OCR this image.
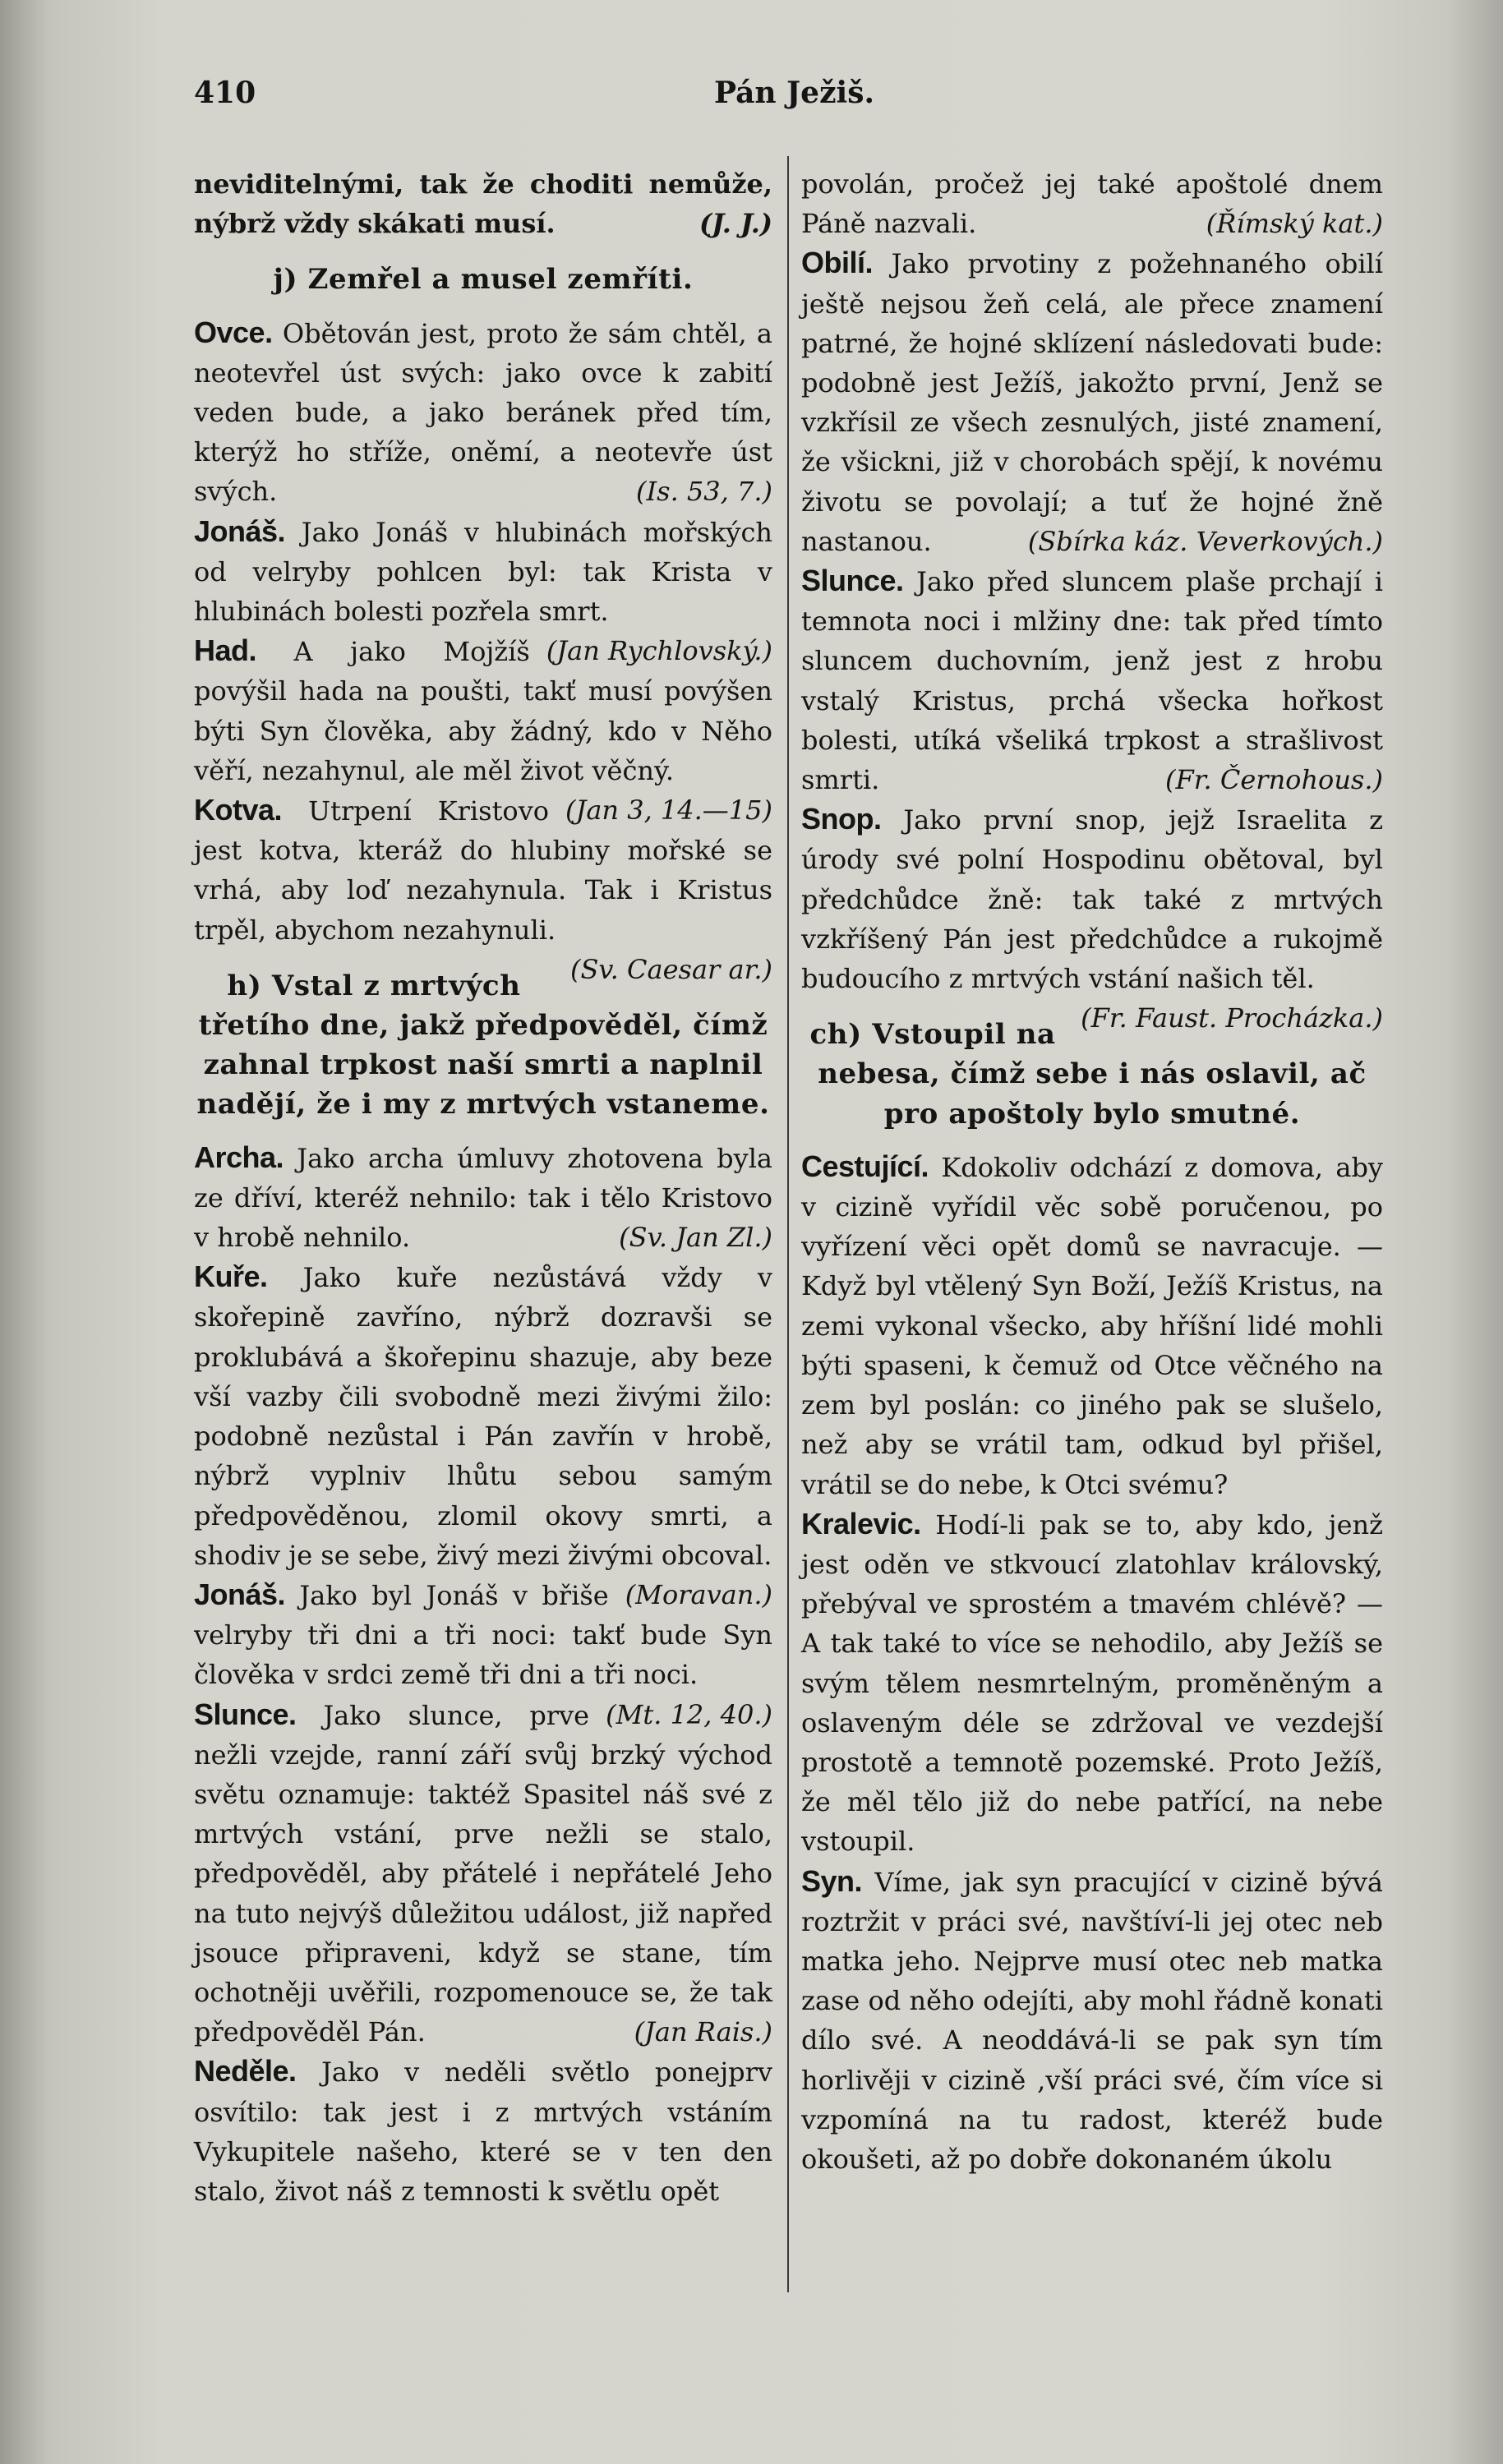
410	Pán Ježiš.

neviditelnými, tak že choditi nemůže, nýbrž vždy skákati musí.	(J. J.)

j) Zemřel a musel zemříti.

Ovce. Obětován jest, proto že sám chtěl, a neotevřel úst svých: jako ovce k zabití veden bude, a jako beránek před tím, kterýž ho stříže, oněmí, a neotevře úst svých.	(Is. 53, 7.)

Jonáš. Jako Jonáš v hlubinách mořských od velryby pohlcen byl: tak Krista v hlubinách bolesti pozřela smrt.
(Jan Rychlovský.)

Had. A jako Mojžíš povýšil hada na poušti, takť musí povýšen býti Syn člověka, aby žádný, kdo v Něho věří, nezahynul, ale měl život věčný.
(Jan 3, 14.—15)

Kotva. Utrpení Kristovo jest kotva, kteráž do hlubiny mořské se vrhá, aby loď nezahynula. Tak i Kristus trpěl, abychom nezahynuli.
(Sv. Caesar ar.)

h) Vstal z mrtvých třetího dne, jakž předpověděl, čímž zahnal trpkost naší smrti a naplnil nadějí, že i my z mrtvých vstaneme.

Archa. Jako archa úmluvy zhotovena byla ze dříví, kteréž nehnilo: tak i tělo Kristovo v hrobě nehnilo.	(Sv. Jan Zl.)

Kuře. Jako kuře nezůstává vždy v skořepině zavřínо, nýbrž dozravši se proklubává a škořepinu shazuje, aby beze vší vazby čili svobodně mezi živými žilo: podobně nezůstal i Pán zavřín v hrobě, nýbrž vyplniv lhůtu sebou samým předpověděnou, zlomil okovy smrti, a shodiv je se sebe, živý mezi živými obcoval.
(Moravan.)

Jonáš. Jako byl Jonáš v břiše velryby tři dni a tři noci: takť bude Syn člověka v srdci země tři dni a tři noci.
(Mt. 12, 40.)

Slunce. Jako slunce, prve nežli vzejde, ranní září svůj brzký východ světu oznamuje: taktéž Spasitel náš své z mrtvých vstání, prve nežli se stalo, předpověděl, aby přátelé i nepřátelé Jeho na tuto nejvýš důležitou událost, již napřed jsouce připraveni, když se stane, tím ochotněji uvěřili, rozpomenouce se, že tak předpověděl Pán.	(Jan Rais.)

Neděle. Jako v neděli světlo ponejprv osvítilo: tak jest i z mrtvých vstáním Vykupitele našeho, které se v ten den stalo, život náš z temnosti k světlu opět

povolán, pročež jej také apoštolé dnem Páně nazvali.	(Římský kat.)

Obilí. Jako prvotiny z požehnaného obilí ještě nejsou žeň celá, ale přece znamení patrné, že hojné sklízení následovati bude: podobně jest Ježíš, jakožto první, Jenž se vzkřísil ze všech zesnulých, jisté znamení, že všickni, již v chorobách spějí, k novému životu se povolají; a tuť že hojné žně nastanou.	(Sbírka káz. Veverkových.)

Slunce. Jako před sluncem plaše prchají i temnota noci i mlžiny dne: tak před tímto sluncem duchovním, jenž jest z hrobu vstalý Kristus, prchá všecka hořkost bolesti, utíká všeliká trpkost a strašlivost smrti.	(Fr. Černohous.)

Snop. Jako první snop, jejž Israelita z úrody své polní Hospodinu obětoval, byl předchůdce žně: tak také z mrtvých vzkříšený Pán jest předchůdce a rukojmě budoucího z mrtvých vstání našich těl.
(Fr. Faust. Procházka.)

ch) Vstoupil na nebesa, čímž sebe i nás oslavil, ač pro apoštoly bylo smutné.

Cestující. Kdokoliv odchází z domova, aby v cizině vyřídil věc sobě poručenou, po vyřízení věci opět domů se navracuje. — Když byl vtělený Syn Boží, Ježíš Kristus, na zemi vykonal všecko, aby hříšní lidé mohli býti spaseni, k čemuž od Otce věčného na zem byl poslán: co jiného pak se slušelo, než aby se vrátil tam, odkud byl přišel, vrátil se do nebe, k Otci svému?

Kralevic. Hodí-li pak se to, aby kdo, jenž jest oděn ve stkvoucí zlatohlav královský, přebýval ve sprostém a tmavém chlévě? — A tak také to více se nehodilo, aby Ježíš se svým tělem nesmrtelným, proměněným a oslaveným déle se zdržoval ve vezdejší prostotě a temnotě pozemské. Proto Ježíš, že měl tělo již do nebe patřící, na nebe vstoupil.

Syn. Víme, jak syn pracující v cizině bývá roztržit v práci své, navštíví-li jej otec neb matka jeho. Nejprve musí otec neb matka zase od něho odejíti, aby mohl řádně konati dílo své. A neoddává-li se pak syn tím horlivěji v cizině ,vší práci své, čím více si vzpomíná na tu radost, kteréž bude okoušeti, až po dobře dokonaném úkolu
